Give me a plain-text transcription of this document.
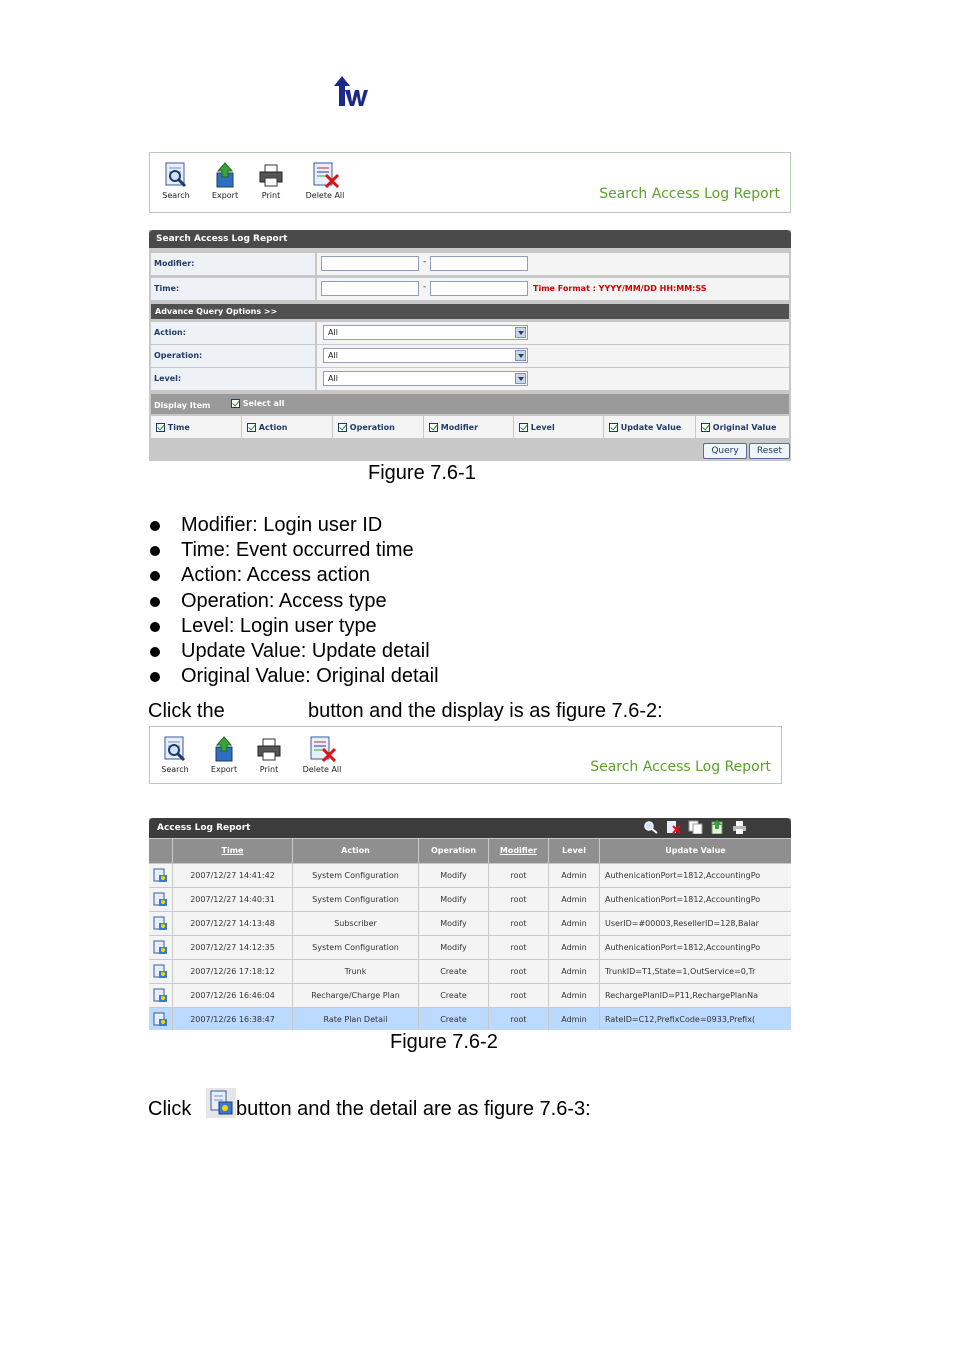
Search	Export	Print	Delete All	Search Access Log Report
Search Access Log Report
Modifier:	-
Time:	-	Time Format : YYYY/MM/DD HH:MM:SS
Advance Query Options >>
Action:	All
Operation:	All
Level:	All
Display Item	Select all
Time	Action	Operation	Modifier	Level	Update Value	Original Value
Query	Reset
Figure 7.6-1
Modifier: Login user ID
Time: Event occurred time
Action: Access action
Operation: Access type
Level: Login user type
Update Value: Update detail
Original Value: Original detail
Click the	button and the display is as figure 7.6-2:
Search	Export	Print	Delete All	Search Access Log Report
Access Log Report

Time	Action	Operation	Modifier	Level	Update Value
2007/12/27 14:41:42	System Configuration	Modify	root	Admin	AuthenicationPort=1812,AccountingPo
2007/12/27 14:40:31	System Configuration	Modify	root	Admin	AuthenicationPort=1812,AccountingPo
2007/12/27 14:13:48	Subscriber	Modify	root	Admin	UserID=#00003,ResellerID=128,Balar
2007/12/27 14:12:35	System Configuration	Modify	root	Admin	AuthenicationPort=1812,AccountingPo
2007/12/26 17:18:12	Trunk	Create	root	Admin	TrunkID=T1,State=1,OutService=0,Tr
2007/12/26 16:46:04	Recharge/Charge Plan	Create	root	Admin	RechargePlanID=P11,RechargePlanNa
2007/12/26 16:38:47	Rate Plan Detail	Create	root	Admin	RateID=C12,PrefixCode=0933,Prefix(
Figure 7.6-2
Click button and the detail are as figure 7.6-3:
